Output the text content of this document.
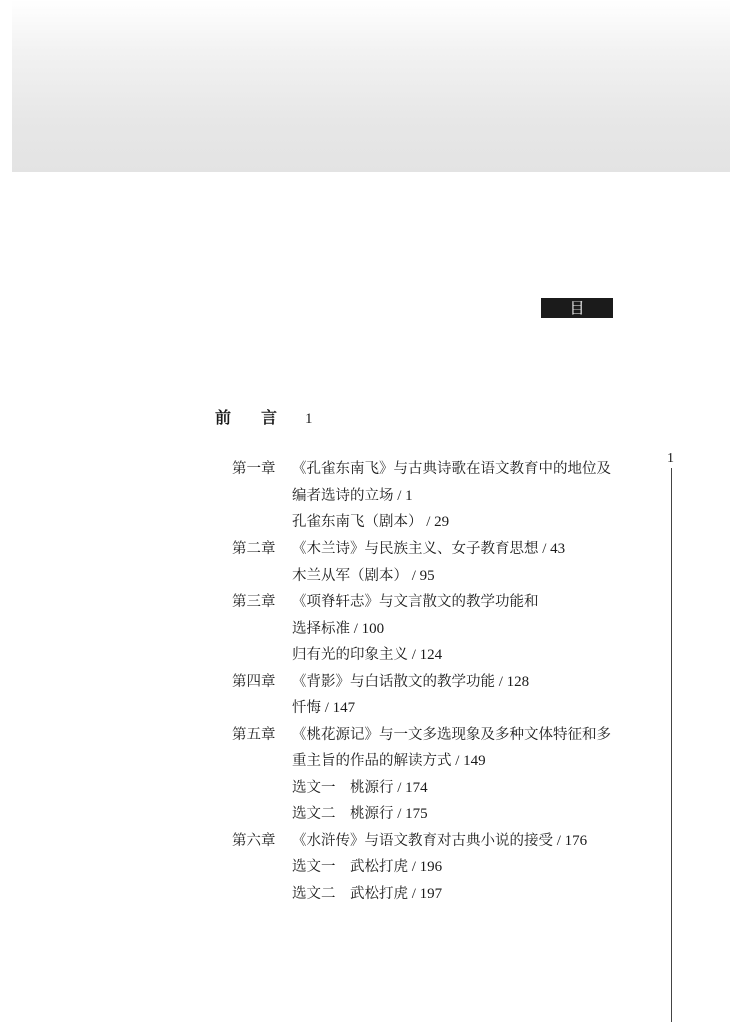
目 录
前言1
1
第一章 《孔雀东南飞》与古典诗歌在语文教育中的地位及
编者选诗的立场 / 1
孔雀东南飞（剧本） / 29
第二章 《木兰诗》与民族主义、女子教育思想 / 43
木兰从军（剧本） / 95
第三章 《项脊轩志》与文言散文的教学功能和
选择标准 / 100
归有光的印象主义 / 124
第四章 《背影》与白话散文的教学功能 / 128
忏悔 / 147
第五章 《桃花源记》与一文多选现象及多种文体特征和多
重主旨的作品的解读方式 / 149
选文一　桃源行 / 174
选文二　桃源行 / 175
第六章 《水浒传》与语文教育对古典小说的接受 / 176
选文一　武松打虎 / 196
选文二　武松打虎 / 197
